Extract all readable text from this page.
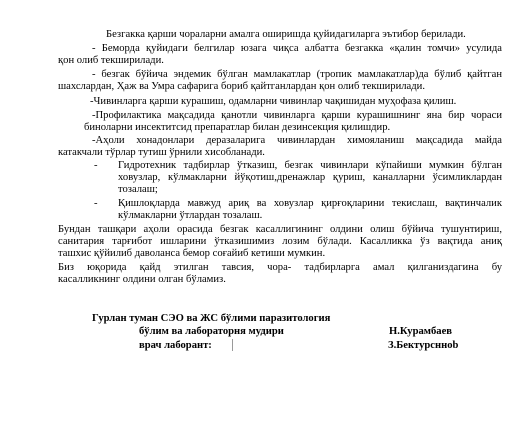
Безгакка қарши чораларни амалга оширишда қуйидагиларга эътибор берилади.
- Беморда қуйидаги белгилар юзага чиқса албатта безгакка «қалин томчи» усулида
қон олиб текширилади.
- безгак бўйича эндемик бўлган мамлакатлар (тропик мамлакатлар)да бўлиб қайтган
шахслардан, Ҳаж ва Умра сафарига бориб қайтганлардан қон олиб текширилади.
-Чивинларга қарши курашиш, одамларни чивинлар чақишидан муҳофаза қилиш.
-Профилактика мақсадида қанотли чивинларга қарши курашишнинг яна бир чораси
биноларни инсектитсид препаратлар билан дезинсекция қилишдир.
-Аҳоли хонадонлари деразаларига чивинлардан химояланиш мақсадида майда
катакчали тўрлар тутиш ўрнили хисобланади.
- Гидротехник тадбирлар ўтказиш, безгак чивинлари кўпайиши мумкин бўлган
ховузлар, кўлмакларни йўқотиш,дренажлар қуриш, каналларни ўсимликлардан
тозалаш;
- Қишлоқларда мавжуд ариқ ва ховузлар қирғоқларини текислаш, вақтинчалик
кўлмакларни ўтлардан тозалаш.
Бундан ташқари аҳоли орасида безгак касаллигининг олдини олиш бўйича тушунтириш,
санитария тарғибот ишларини ўтказишимиз лозим бўлади. Касалликка ўз вақтида аниқ
ташхис қўйилиб даволанса бемор соғайиб кетиши мумкин.
Биз юқорида қайд этилган тавсия, чора- тадбирларга амал қилганиздагина бу
касалликнинг олдини олган бўламиз.
Гурлан туман СЭО ва ЖС бўлими паразитология
бўлим ва лабораторня мудири	Н.Курамбаев
врач лаборант:	З.Бектурснноb
